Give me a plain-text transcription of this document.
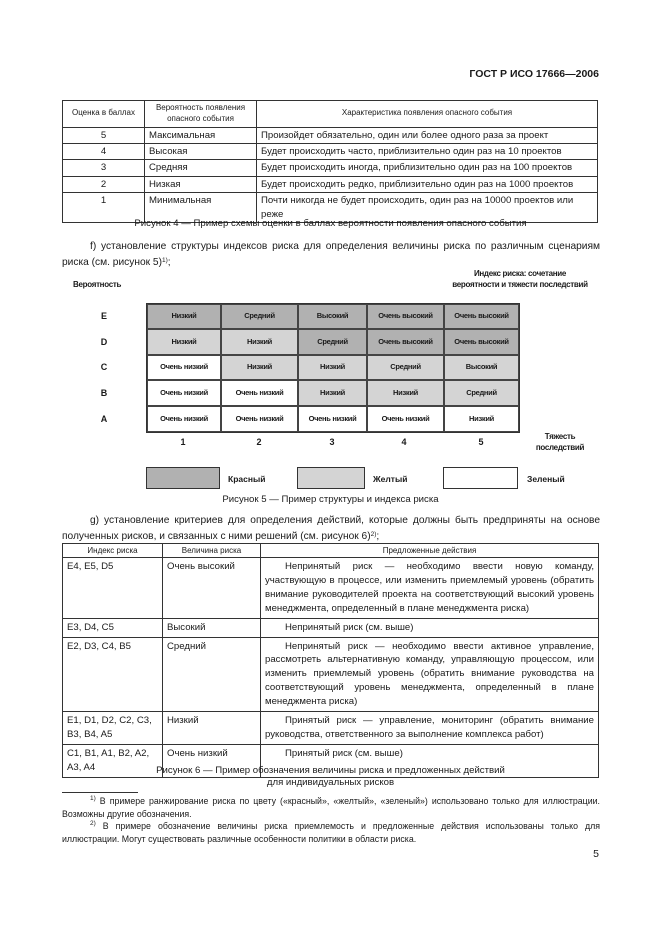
ГОСТ Р ИСО 17666—2006
Оценка в баллах	Вероятность появления опасного события	Характеристика появления опасного события
5	Максимальная	Произойдет обязательно, один или более одного раза за проект
4	Высокая	Будет происходить часто, приблизительно один раз на 10 проектов
3	Средняя	Будет происходить иногда, приблизительно один раз на 100 проектов
2	Низкая	Будет происходить редко, приблизительно один раз на 1000 проектов
1	Минимальная	Почти никогда не будет происходить, один раз на 10000 проектов или реже
Рисунок 4 — Пример схемы оценки в баллах вероятности появления опасного события
f) установление структуры индексов риска для определения величины риска по различным сценариям риска (см. рисунок 5)$^{1)}$;
Вероятность
Индекс риска: сочетание вероятности и тяжести последствий
E
D
C
B
A
Низкий	Средний	Высокий	Очень высокий	Очень высокий
Низкий	Низкий	Средний	Очень высокий	Очень высокий
Очень низкий	Низкий	Низкий	Средний	Высокий
Очень низкий	Очень низкий	Низкий	Низкий	Средний
Очень низкий	Очень низкий	Очень низкий	Очень низкий	Низкий
1	2	3	4	5
Тяжесть последствий
Красный	Желтый	Зеленый
Рисунок 5 — Пример структуры и индекса риска
g) установление критериев для определения действий, которые должны быть предприняты на основе полученных рисков, и связанных с ними решений (см. рисунок 6)$^{2)}$;
Индекс риска	Величина риска	Предложенные действия
E4, E5, D5	Очень высокий	Непринятый риск — необходимо ввести новую команду, участвующую в процессе, или изменить приемлемый уровень (обратить внимание руководителей проекта на соответствующий высокий уровень менеджмента, определенный в плане менеджмента риска)
E3, D4, C5	Высокий	Непринятый риск (см. выше)
E2, D3, C4, B5	Средний	Непринятый риск — необходимо ввести активное управление, рассмотреть альтернативную команду, управляющую процессом, или изменить приемлемый уровень (обратить внимание руководства на соответствующий уровень менеджмента, определенный в плане менеджмента риска)
E1, D1, D2, C2, C3, B3, B4, A5	Низкий	Принятый риск — управление, мониторинг (обратить внимание руководства, ответственного за выполнение комплекса работ)
C1, B1, A1, B2, A2, A3, A4	Очень низкий	Принятый риск (см. выше)
Рисунок 6 — Пример обозначения величины риска и предложенных действий
для индивидуальных рисков
$^{1)}$ В примере ранжирование риска по цвету («красный», «желтый», «зеленый») использовано только для иллюстрации. Возможны другие обозначения.
$^{2)}$ В примере обозначение величины риска приемлемость и предложенные действия использованы только для иллюстрации. Могут существовать различные особенности политики в области риска.
5
